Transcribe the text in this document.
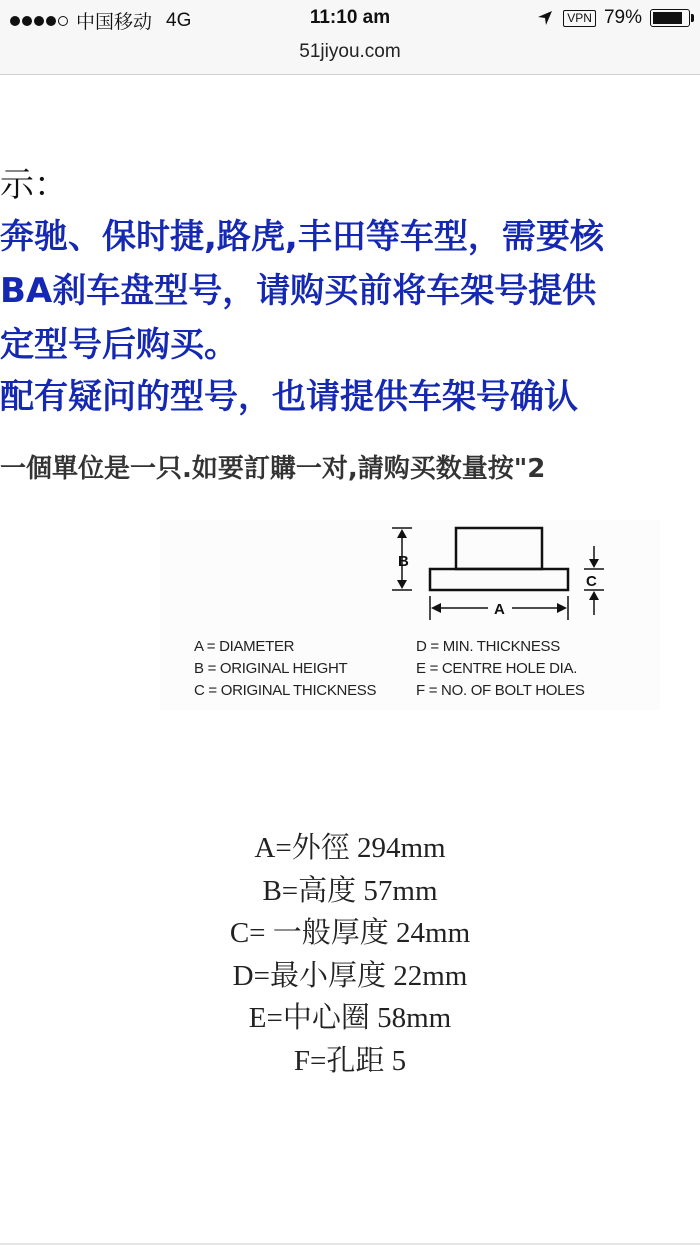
中国移动 4G	11:10 am	VPN 79%
51jiyou.com
示：
奔驰、保时捷,路虎,丰田等车型，需要核
BA刹车盘型号，请购买前将车架号提供
定型号后购买。
配有疑问的型号，也请提供车架号确认
一個單位是一只.如要訂購一对,請购买数量按"2
B
C
A
A = DIAMETER
B = ORIGINAL HEIGHT
C = ORIGINAL THICKNESS
D = MIN. THICKNESS
E = CENTRE HOLE DIA.
F = NO. OF BOLT HOLES
A=外徑 294mm
B=高度 57mm
C= 一般厚度 24mm
D=最小厚度 22mm
E=中心圈 58mm
F=孔距 5
